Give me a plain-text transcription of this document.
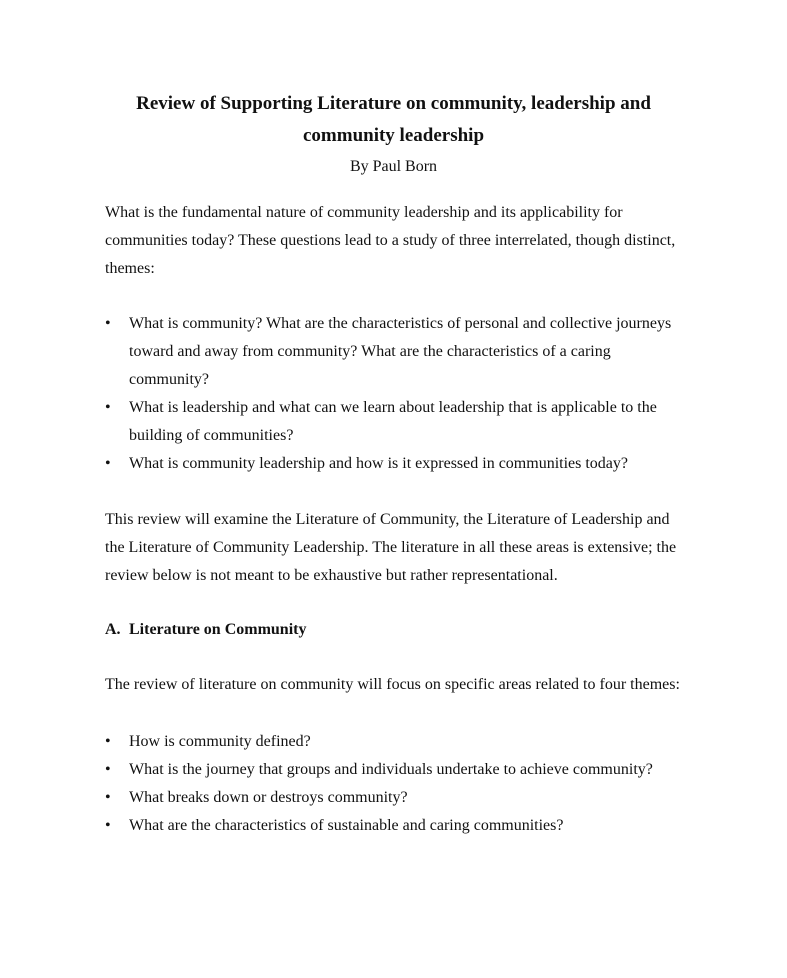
Review of Supporting Literature on community, leadership and
community leadership
By Paul Born

What is the fundamental nature of community leadership and its applicability for
communities today? These questions lead to a study of three interrelated, though distinct,
themes:

•	What is community? What are the characteristics of personal and collective journeys
toward and away from community? What are the characteristics of a caring
community?
•	What is leadership and what can we learn about leadership that is applicable to the
building of communities?
•	What is community leadership and how is it expressed in communities today?

This review will examine the Literature of Community, the Literature of Leadership and
the Literature of Community Leadership. The literature in all these areas is extensive; the
review below is not meant to be exhaustive but rather representational.

A. Literature on Community

The review of literature on community will focus on specific areas related to four themes:

•	How is community defined?
•	What is the journey that groups and individuals undertake to achieve community?
•	What breaks down or destroys community?
•	What are the characteristics of sustainable and caring communities?
